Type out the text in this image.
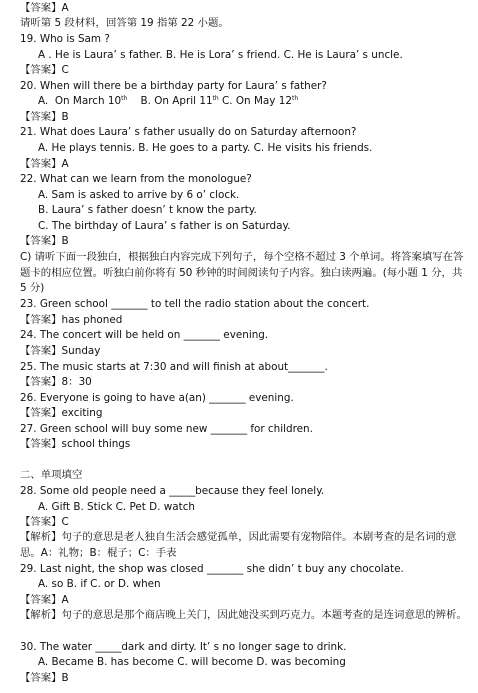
【答案】A
请听第 5 段材料，回答第 19 指第 22 小题。
19. Who is Sam ?
A . He is Laura’ s father. B. He is Lora’ s friend. C. He is Laura’ s uncle.
【答案】C
20. When will there be a birthday party for Laura’ s father?
A.  On March 10th    B. On April 11th C. On May 12th
【答案】B
21. What does Laura’ s father usually do on Saturday afternoon?
A. He plays tennis. B. He goes to a party. C. He visits his friends.
【答案】A
22. What can we learn from the monologue?
A. Sam is asked to arrive by 6 o’ clock.
B. Laura’ s father doesn’ t know the party.
C. The birthday of Laura’ s father is on Saturday.
【答案】B
C) 请听下面一段独白，根据独白内容完成下列句子，每个空格不超过 3 个单词。将答案填写在答题卡的相应位置。听独白前你将有 50 秒钟的时间阅读句子内容。独白读两遍。(每小题 1 分，共 5 分)
23. Green school _______ to tell the radio station about the concert.
【答案】has phoned
24. The concert will be held on _______ evening.
【答案】Sunday
25. The music starts at 7:30 and will finish at about_______.
【答案】8：30
26. Everyone is going to have a(an) _______ evening.
【答案】exciting
27. Green school will buy some new _______ for children.
【答案】school things
二、单项填空
28. Some old people need a _____because they feel lonely.
A. Gift B. Stick C. Pet D. watch
【答案】C
【解析】句子的意思是老人独自生活会感觉孤单，因此需要有宠物陪伴。本剧考查的是名词的意思。A：礼物；B：棍子；C：手表
29. Last night, the shop was closed _______ she didn’ t buy any chocolate.
A. so B. if C. or D. when
【答案】A
【解析】句子的意思是那个商店晚上关门，因此她没买到巧克力。本题考查的是连词意思的辨析。
30. The water _____dark and dirty. It’ s no longer sage to drink.
A. Became B. has become C. will become D. was becoming
【答案】B
